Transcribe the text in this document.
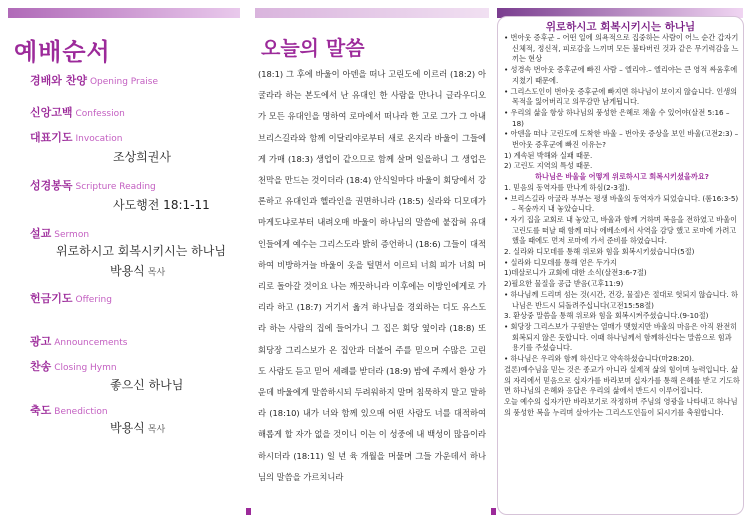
예배순서
경배와 찬양 Opening Praise
신앙고백 Confession
대표기도 Invocation
조상희권사
성경봉독 Scripture Reading
사도행전 18:1-11
설교 Sermon
위로하시고 회복시키시는 하나님
박용식 목사
헌금기도 Offering
광고 Announcements
찬송 Closing Hymn
좋으신 하나님
축도 Benediction
박용식 목사
오늘의 말씀
(18:1) 그 후에 바울이 아덴을 떠나 고린도에 이르러 (18:2) 아굴라라 하는 본도에서 난 유대인 한 사람을 만나니 글라우디오가 모든 유대인을 명하여 로마에서 떠나라 한 고로 그가 그 아내 브리스길라와 함께 이달리야로부터 새로 온지라 바울이 그들에게 가매 (18:3) 생업이 같으므로 함께 살며 일을하니 그 생업은 천막을 만드는 것이더라 (18:4) 안식일마다 바울이 회당에서 강론하고 유대인과 헬라인을 권면하니라 (18:5) 실라와 디모데가 마게도냐로부터 내려오매 바울이 하나님의 말씀에 붙잡혀 유대인들에게 예수는 그리스도라 밝히 증언하니 (18:6) 그들이 대적하여 비방하거늘 바울이 옷을 털면서 이르되 너희 피가 너희 머리로 돌아갈 것이요 나는 깨끗하니라 이후에는 이방인에게로 가리라 하고 (18:7) 거기서 옮겨 하나님을 경외하는 디도 유스도라 하는 사람의 집에 들어가니 그 집은 회당 옆이라 (18:8) 또 회당장 그리스보가 온 집안과 더불어 주를 믿으며 수많은 고린도 사람도 듣고 믿어 세례를 받더라 (18:9) 밤에 주께서 환상 가운데 바울에게 말씀하시되 두려워하지 말며 침묵하지 말고 말하라 (18:10) 내가 너와 함께 있으매 어떤 사람도 너를 대적하여 해롭게 할 자가 없을 것이니 이는 이 성중에 내 백성이 많음이라 하시더라 (18:11) 일 년 육 개월을 머물며 그들 가운데서 하나님의 말씀을 가르치니라
위로하시고 회복시키시는 하나님
• 번아웃 증후군 – 어떤 일에 의욕적으로 집중하는 사람이 어느 순간 갑자기 신체적, 정신적, 피로감을 느끼며 모든 불타버린 것과 같은 무기력감을 느끼는 현상
• 성경속 번아웃 증후군에 빠진 사람 – 엘리야.– 엘리야는 큰 영적 싸움후에 지쳤기 때문에.
• 그리스도인이 번아웃 증후군에 빠지면 하나님이 보이지 않습니다. 인생의 목적을 잃어버리고 의무감만 남게됩니다.
• 우리의 삶을 항상 하나님의 풍성한 은혜로 채울 수 있어야(살전 5:16 – 18)
• 아덴을 떠나 고린도에 도착한 바울 – 번아웃 증상을 보인 바울(고전2:3) – 번아웃 증후군에 빠진 이유는?
1) 계속된 박해와 실패 때문.
2) 고린도 지역의 특성 때문.
하나님은 바울을 어떻게 위로하시고 회복시키셨을까요?
1. 믿음의 동역자를 만나게 하심(2-3절).
• 브리스길라 아굴라 부부는 평생 바울의 동역자가 되었습니다. (롬16:3-5) – 목숨까지 내 놓았습니다.
• 자기 집을 교회로 내 놓았고, 바울과 함께 거하며 복음을 전하였고 바울이 고린도를 떠날 때 함께 떠나 에베소에서 사역을 감당 했고 로마에 가려고 했을 때에도 먼저 로마에 가서 준비를 하였습니다.
2. 실라와 디모데를 통해 위로와 힘을 회복시키셨습니다(5절)
• 실라와 디모데를 통해 얻은 두가지
1)데살로니가 교회에 대한 소식(살전3:6-7절)
2)필요한 물질을 공급 받음(고후11:9)
• 하나님께 드리며 섬는 것(시간, 건강, 물질)은 절대로 헛되지 않습니다. 하나님은 반드시 되돌려주십니다(고전15:58절)
3. 환상중 말씀을 통해 위로와 힘을 회복시켜주셨습니다.(9-10절)
• 회당장 그리스보가 구원받는 열매가 맺혔지만 바울의 마음은 아직 완전히 회복되지 않은 듯합니다. 이때 하나님께서 함께하신다는 말씀으로 힘과 용기를 주셨습니다.
• 하나님은 우리와 함께 하신다고 약속하셨습니다(마28:20).
결론)예수님을 믿는 것은 종교가 아니라 실제적 삶의 힘이며 능력입니다. 삶의 자리에서 믿음으로 십자가를 바라보며 십자가를 통해 은혜를 받고 기도하면 하나님의 은혜와 응답은 우리의 삶에서 반드시 이루어집니다.
오늘 예수의 십자가만 바라보기로 작정하며 주님의 영광을 나타내고 하나님의 풍성한 복을 누리며 살아가는 그리스도인들이 되시기를 축원합니다.
